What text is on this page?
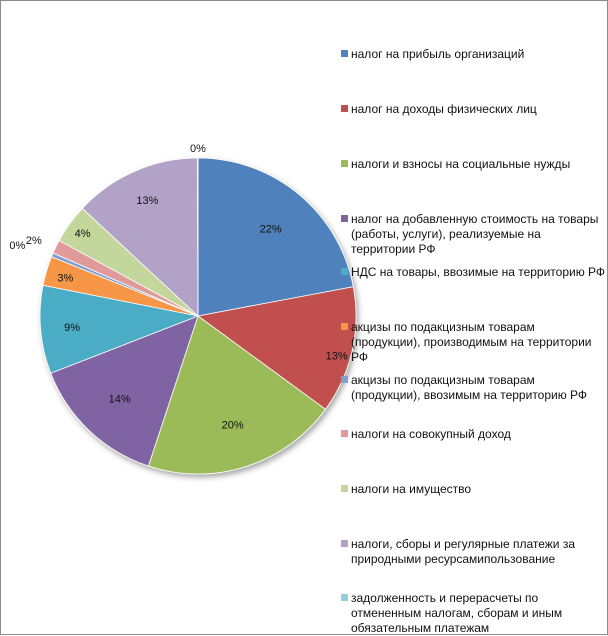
22%
13%
20%
14%
9%
3%
0% 2%
4%
13%
0%
налог на прибыль организаций
налог на доходы физических лиц
налоги и взносы на социальные нужды
налог на добавленную стоимость на товары (работы, услуги), реализуемые на территории РФ
НДС на товары, ввозимые на территорию РФ
акцизы по подакцизным товарам (продукции), производимым на территории РФ
акцизы по подакцизным товарам (продукции), ввозимым на территорию РФ
налоги на совокупный доход
налоги на имущество
налоги, сборы и регулярные платежи за природными ресурсамипользование
задолженность и перерасчеты по отмененным налогам, сборам и иным обязательным платежам
